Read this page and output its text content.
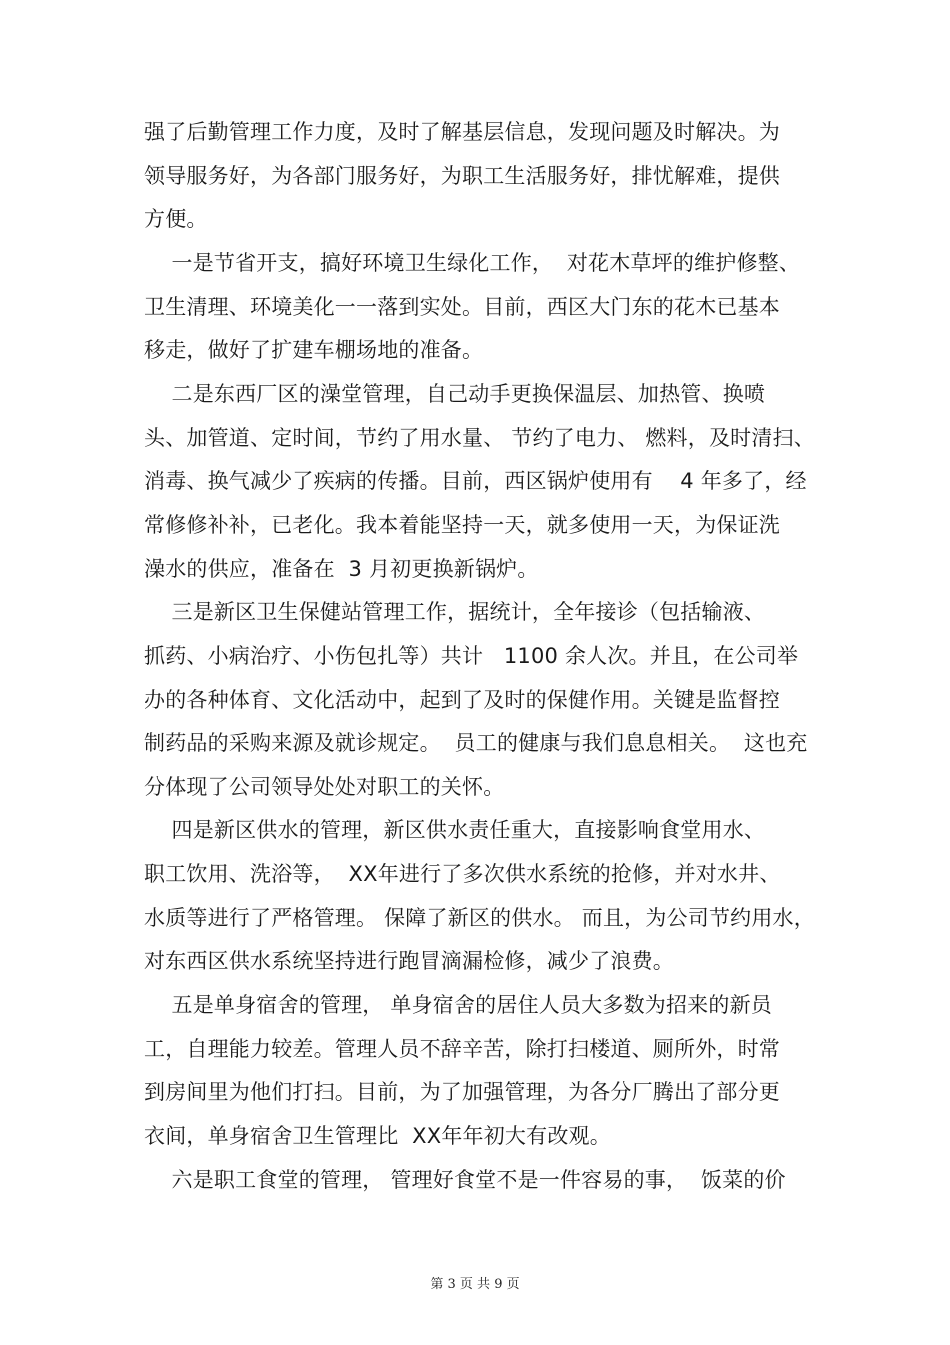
强了后勤管理工作力度，及时了解基层信息，发现问题及时解决。为
领导服务好，为各部门服务好，为职工生活服务好，排忧解难，提供
方便。
一是节省开支，搞好环境卫生绿化工作，  对花木草坪的维护修整、
卫生清理、环境美化一一落到实处。目前，西区大门东的花木已基本
移走，做好了扩建车棚场地的准备。
二是东西厂区的澡堂管理，自己动手更换保温层、加热管、换喷
头、加管道、定时间，节约了用水量、 节约了电力、 燃料，及时清扫、
消毒、换气减少了疾病的传播。目前，西区锅炉使用有    4 年多了，经
常修修补补，已老化。我本着能坚持一天，就多使用一天，为保证洗
澡水的供应，准备在  3 月初更换新锅炉。
三是新区卫生保健站管理工作，据统计，全年接诊（包括输液、
抓药、小病治疗、小伤包扎等）共计   1100 余人次。并且，在公司举
办的各种体育、文化活动中，起到了及时的保健作用。关键是监督控
制药品的采购来源及就诊规定。  员工的健康与我们息息相关。  这也充
分体现了公司领导处处对职工的关怀。
四是新区供水的管理，新区供水责任重大，直接影响食堂用水、
职工饮用、洗浴等，  XX年进行了多次供水系统的抢修，并对水井、
水质等进行了严格管理。 保障了新区的供水。 而且，为公司节约用水，
对东西区供水系统坚持进行跑冒滴漏检修，减少了浪费。
五是单身宿舍的管理， 单身宿舍的居住人员大多数为招来的新员
工，自理能力较差。管理人员不辞辛苦，除打扫楼道、厕所外，时常
到房间里为他们打扫。目前，为了加强管理，为各分厂腾出了部分更
衣间，单身宿舍卫生管理比  XX年年初大有改观。
六是职工食堂的管理， 管理好食堂不是一件容易的事，  饭菜的价
第 3 页 共 9 页
